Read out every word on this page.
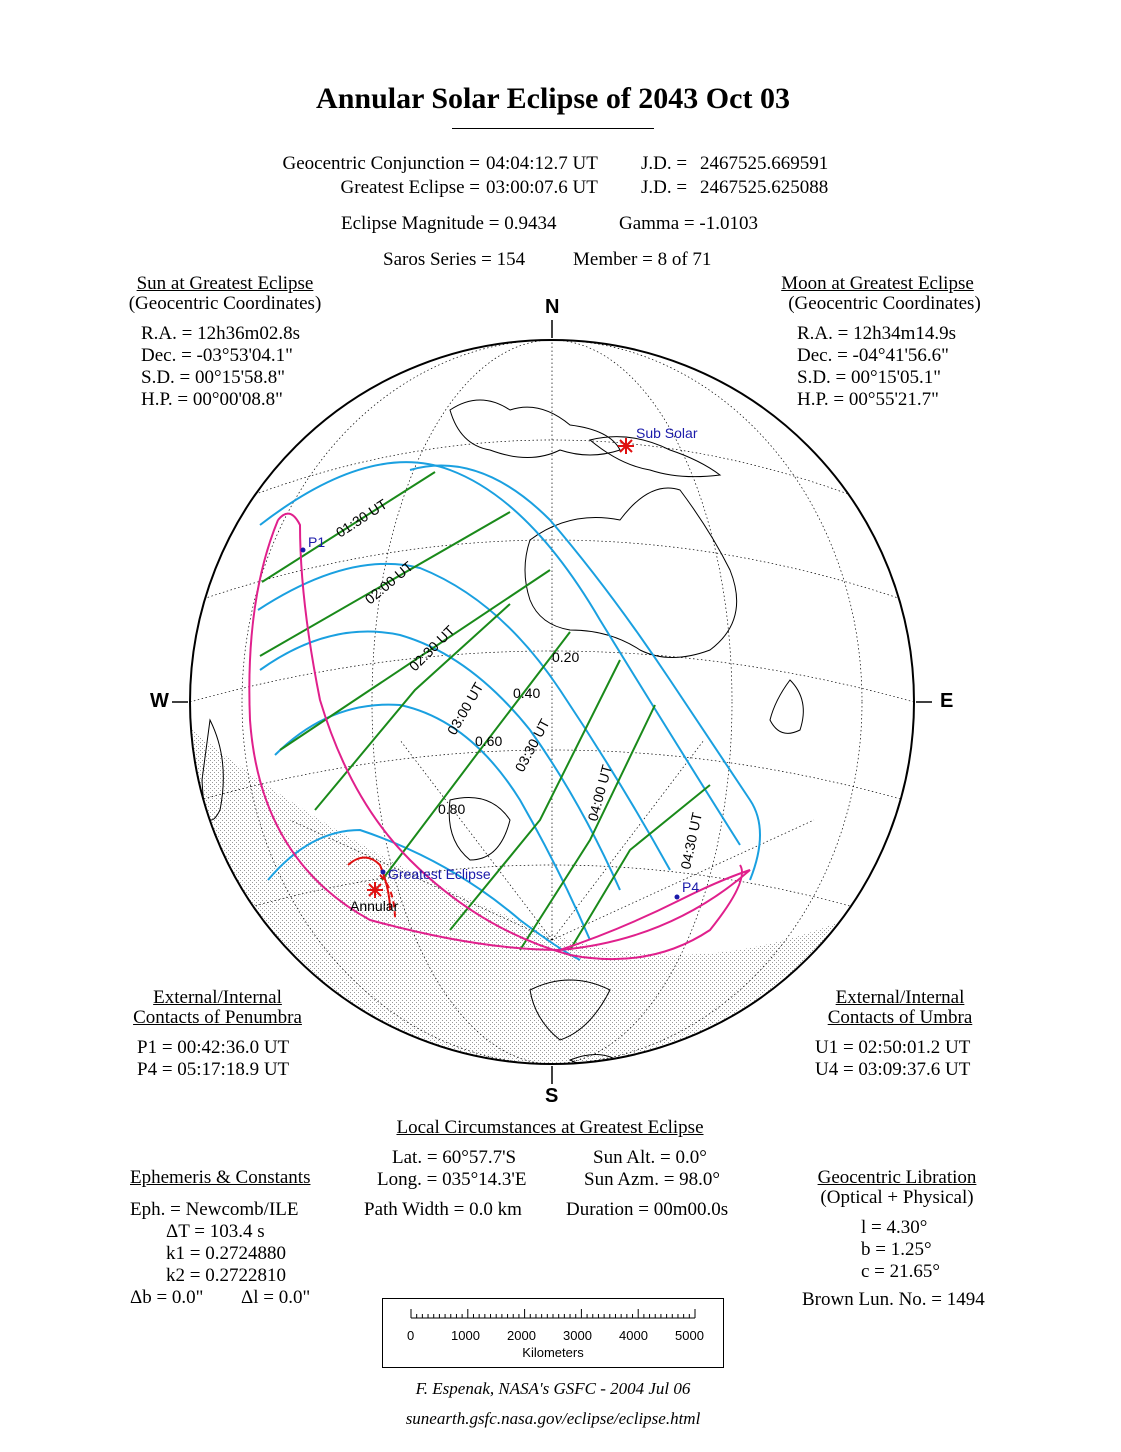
Annular Solar Eclipse of 2043 Oct 03
Geocentric Conjunction = 04:04:12.7 UT J.D. = 2467525.669591
Greatest Eclipse = 03:00:07.6 UT J.D. = 2467525.625088
Eclipse Magnitude = 0.9434	Gamma = -1.0103
Saros Series = 154	Member = 8 of 71
Sun at Greatest Eclipse
(Geocentric Coordinates)
R.A. = 12h36m02.8s
Dec. = -03°53'04.1"
S.D. = 00°15'58.8"
H.P. = 00°00'08.8"
Moon at Greatest Eclipse
(Geocentric Coordinates)
R.A. = 12h34m14.9s
Dec. = -04°41'56.6"
S.D. = 00°15'05.1"
H.P. = 00°55'21.7"
Sub Solar
P1
P4
Greatest Eclipse
Annular
01:30 UT
02:00 UT
02:30 UT
03:00 UT
03:30 UT
04:00 UT
04:30 UT
0.20
0.40
0.60
0.80
N
S
W	E
External/Internal
Contacts of Penumbra
P1 = 00:42:36.0 UT
P4 = 05:17:18.9 UT
External/Internal
Contacts of Umbra
U1 = 02:50:01.2 UT
U4 = 03:09:37.6 UT
Local Circumstances at Greatest Eclipse
Lat. = 60°57.7'S
Long. = 035°14.3'E
Sun Alt. = 0.0°
Sun Azm. = 98.0°
Path Width = 0.0 km Duration = 00m00.0s
Ephemeris & Constants
Eph. = Newcomb/ILE
ΔT = 103.4 s
k1 = 0.2724880
k2 = 0.2722810
Δb = 0.0" Δl = 0.0"
Geocentric Libration
(Optical + Physical)
l = 4.30°
b = 1.25°
c = 21.65°
Brown Lun. No. = 1494
0	1000 2000 3000 4000 5000
Kilometers
F. Espenak, NASA's GSFC - 2004 Jul 06
sunearth.gsfc.nasa.gov/eclipse/eclipse.html
